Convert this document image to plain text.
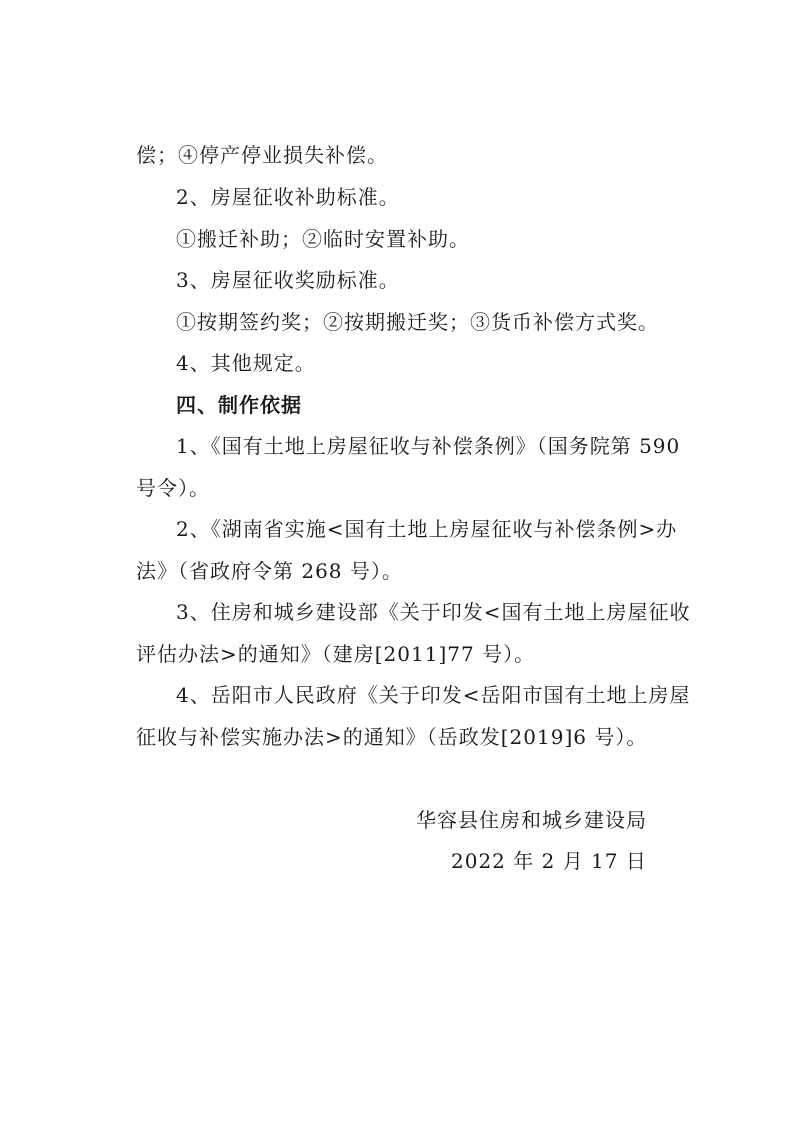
偿；④停产停业损失补偿。
2、房屋征收补助标准。
①搬迁补助；②临时安置补助。
3、房屋征收奖励标准。
①按期签约奖；②按期搬迁奖；③货币补偿方式奖。
4、其他规定。
四、制作依据
1、《国有土地上房屋征收与补偿条例》（国务院第 590
号令）。
2、《湖南省实施<国有土地上房屋征收与补偿条例>办
法》（省政府令第 268 号）。
3、住房和城乡建设部《关于印发<国有土地上房屋征收
评估办法>的通知》（建房[2011]77 号）。
4、岳阳市人民政府《关于印发<岳阳市国有土地上房屋
征收与补偿实施办法>的通知》（岳政发[2019]6 号）。
华容县住房和城乡建设局
2022 年 2 月 17 日
